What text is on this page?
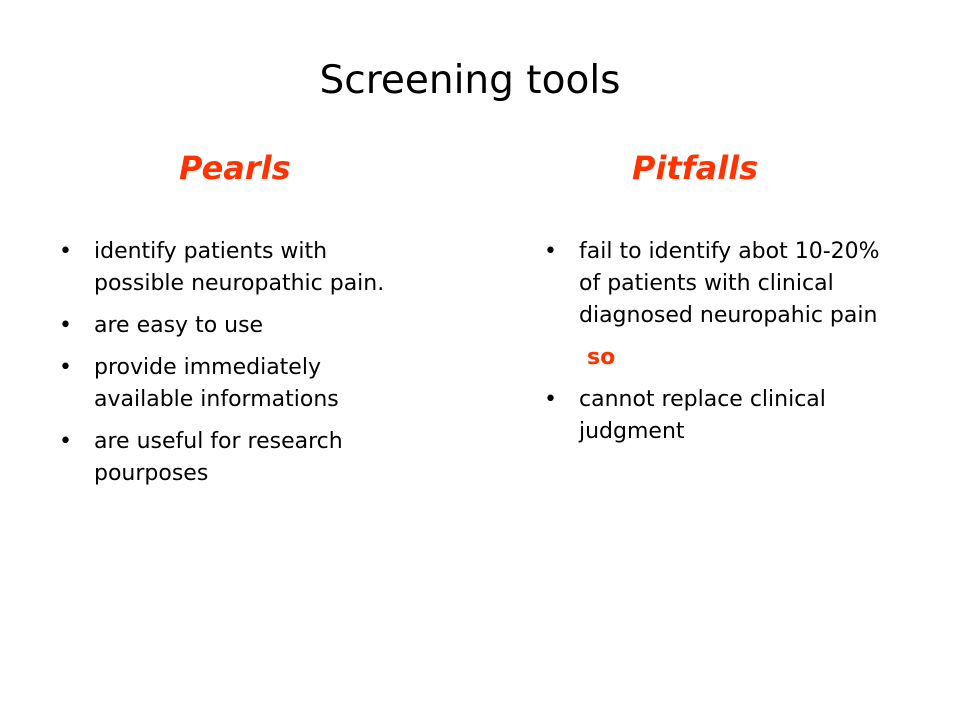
Screening tools
Pearls
• identify patients with possible neuropathic pain.
• are easy to use
• provide immediately available informations
• are useful for research pourposes
Pitfalls
• fail to identify abot 10-20% of patients with clinical diagnosed neuropahic pain
so
• cannot replace clinical judgment
